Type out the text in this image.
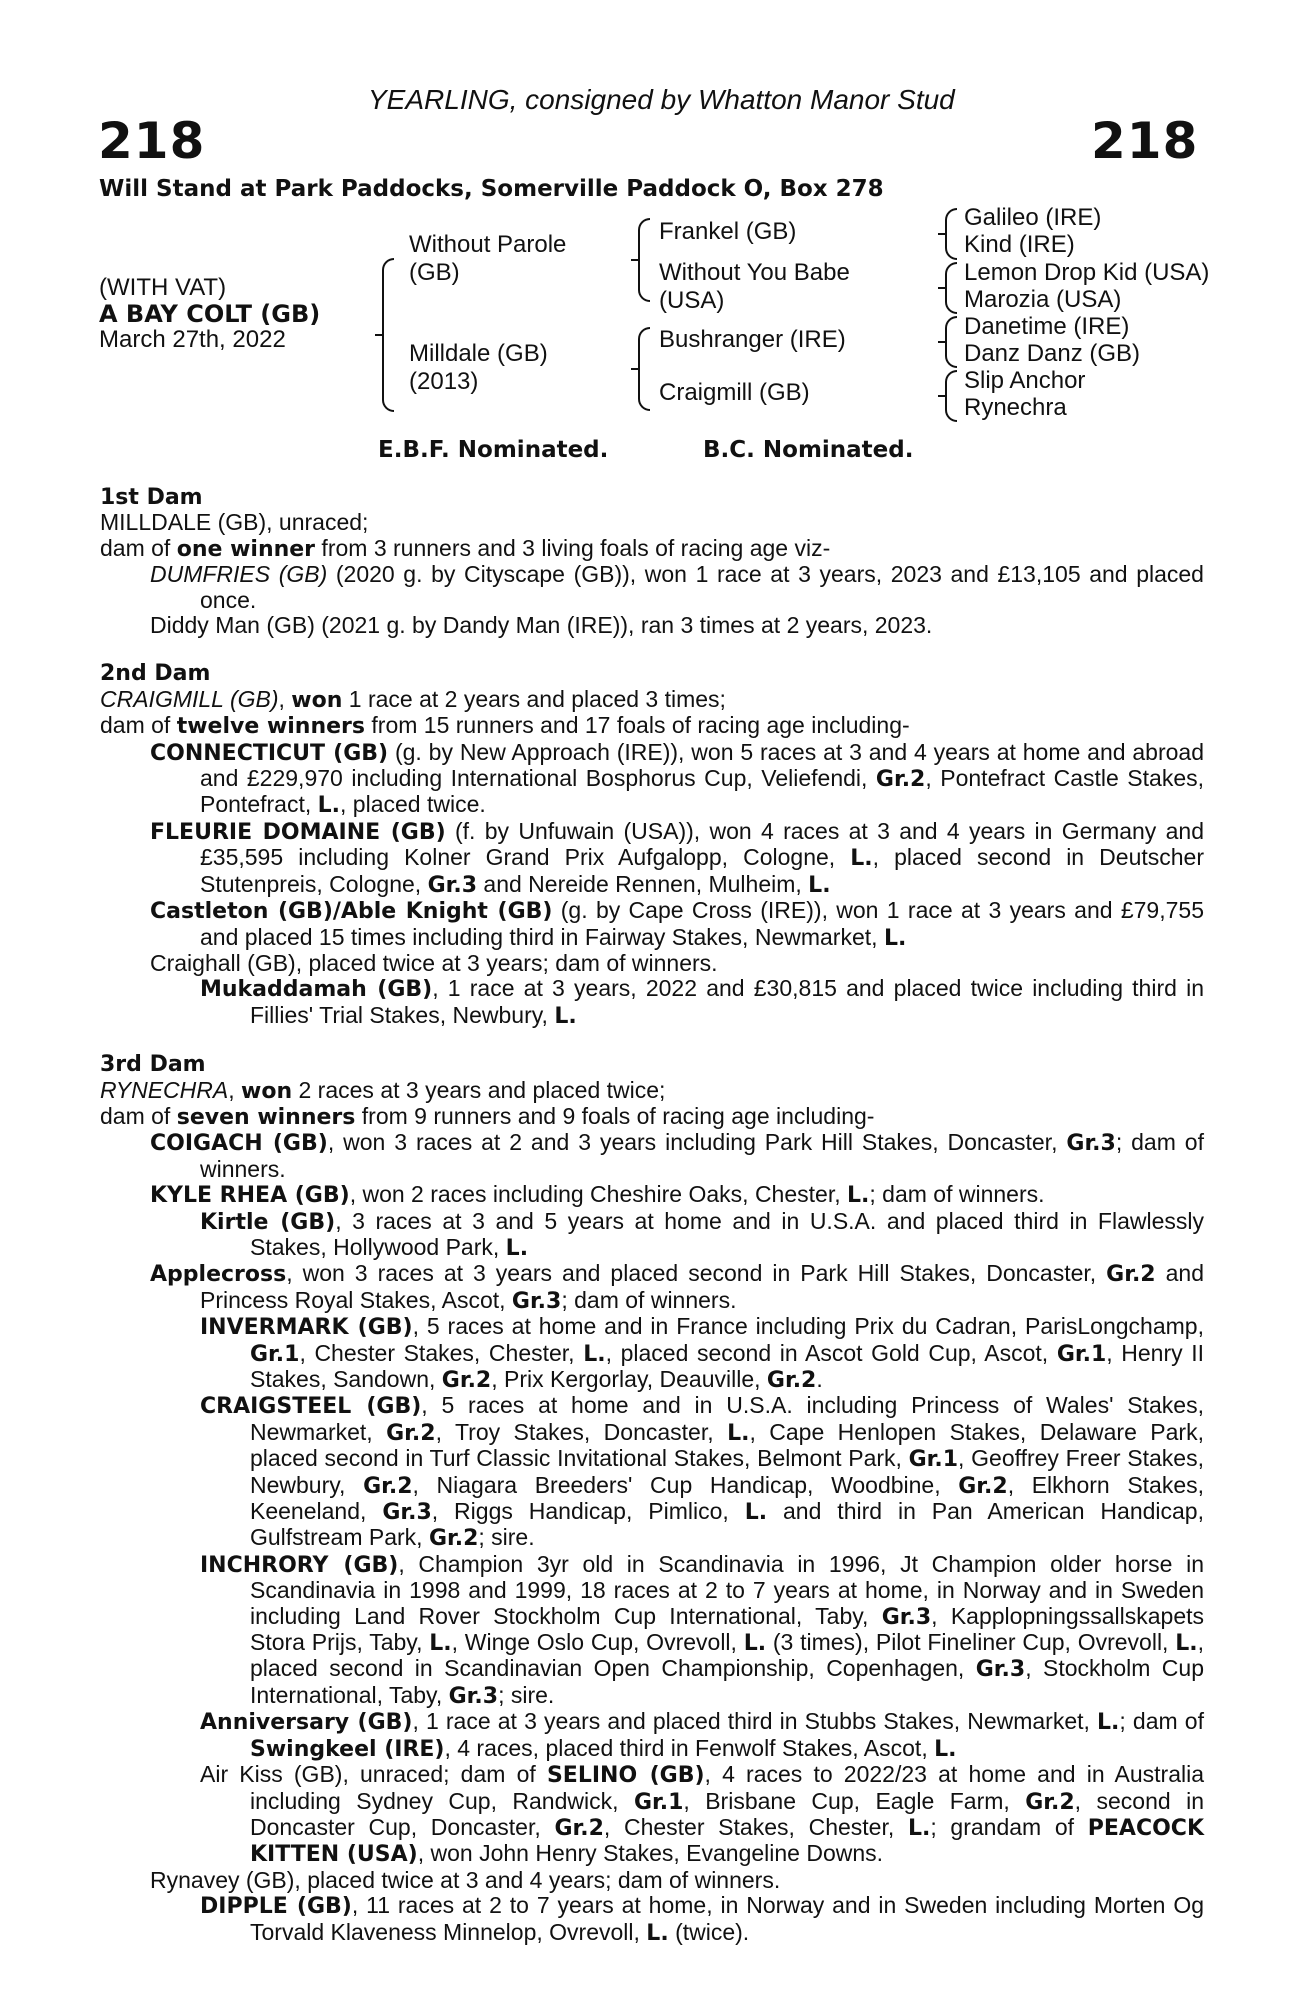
YEARLING, consigned by Whatton Manor Stud
218	218
Will Stand at Park Paddocks, Somerville Paddock O, Box 278
(WITH VAT)
A BAY COLT (GB)
March 27th, 2022
Without Parole
(GB)
Milldale (GB)
(2013)
Frankel (GB)
Without You Babe
(USA)
Bushranger (IRE)
Craigmill (GB)
Galileo (IRE)
Kind (IRE)
Lemon Drop Kid (USA)
Marozia (USA)
Danetime (IRE)
Danz Danz (GB)
Slip Anchor
Rynechra
E.B.F. Nominated.	B.C. Nominated.

1st Dam

MILLDALE (GB), unraced;

dam of one winner from 3 runners and 3 living foals of racing age viz-

DUMFRIES (GB) (2020 g. by Cityscape (GB)), won 1 race at 3 years, 2023 and £13,105 and placed once.

Diddy Man (GB) (2021 g. by Dandy Man (IRE)), ran 3 times at 2 years, 2023.

2nd Dam

CRAIGMILL (GB), won 1 race at 2 years and placed 3 times;

dam of twelve winners from 15 runners and 17 foals of racing age including-

CONNECTICUT (GB) (g. by New Approach (IRE)), won 5 races at 3 and 4 years at home and abroad and £229,970 including International Bosphorus Cup, Veliefendi, Gr.2, Pontefract Castle Stakes, Pontefract, L., placed twice.

FLEURIE DOMAINE (GB) (f. by Unfuwain (USA)), won 4 races at 3 and 4 years in Germany and £35,595 including Kolner Grand Prix Aufgalopp, Cologne, L., placed second in Deutscher Stutenpreis, Cologne, Gr.3 and Nereide Rennen, Mulheim, L.

Castleton (GB)/Able Knight (GB) (g. by Cape Cross (IRE)), won 1 race at 3 years and £79,755 and placed 15 times including third in Fairway Stakes, Newmarket, L.

Craighall (GB), placed twice at 3 years; dam of winners.

Mukaddamah (GB), 1 race at 3 years, 2022 and £30,815 and placed twice including third in Fillies' Trial Stakes, Newbury, L.

3rd Dam

RYNECHRA, won 2 races at 3 years and placed twice;

dam of seven winners from 9 runners and 9 foals of racing age including-

COIGACH (GB), won 3 races at 2 and 3 years including Park Hill Stakes, Doncaster, Gr.3; dam of winners.

KYLE RHEA (GB), won 2 races including Cheshire Oaks, Chester, L.; dam of winners.

Kirtle (GB), 3 races at 3 and 5 years at home and in U.S.A. and placed third in Flawlessly Stakes, Hollywood Park, L.

Applecross, won 3 races at 3 years and placed second in Park Hill Stakes, Doncaster, Gr.2 and Princess Royal Stakes, Ascot, Gr.3; dam of winners.

INVERMARK (GB), 5 races at home and in France including Prix du Cadran, ParisLongchamp, Gr.1, Chester Stakes, Chester, L., placed second in Ascot Gold Cup, Ascot, Gr.1, Henry II Stakes, Sandown, Gr.2, Prix Kergorlay, Deauville, Gr.2.

CRAIGSTEEL (GB), 5 races at home and in U.S.A. including Princess of Wales' Stakes, Newmarket, Gr.2, Troy Stakes, Doncaster, L., Cape Henlopen Stakes, Delaware Park, placed second in Turf Classic Invitational Stakes, Belmont Park, Gr.1, Geoffrey Freer Stakes, Newbury, Gr.2, Niagara Breeders' Cup Handicap, Woodbine, Gr.2, Elkhorn Stakes, Keeneland, Gr.3, Riggs Handicap, Pimlico, L. and third in Pan American Handicap, Gulfstream Park, Gr.2; sire.

INCHRORY (GB), Champion 3yr old in Scandinavia in 1996, Jt Champion older horse in Scandinavia in 1998 and 1999, 18 races at 2 to 7 years at home, in Norway and in Sweden including Land Rover Stockholm Cup International, Taby, Gr.3, Kapplopningssallskapets Stora Prijs, Taby, L., Winge Oslo Cup, Ovrevoll, L. (3 times), Pilot Fineliner Cup, Ovrevoll, L., placed second in Scandinavian Open Championship, Copenhagen, Gr.3, Stockholm Cup International, Taby, Gr.3; sire.

Anniversary (GB), 1 race at 3 years and placed third in Stubbs Stakes, Newmarket, L.; dam of Swingkeel (IRE), 4 races, placed third in Fenwolf Stakes, Ascot, L.

Air Kiss (GB), unraced; dam of SELINO (GB), 4 races to 2022/23 at home and in Australia including Sydney Cup, Randwick, Gr.1, Brisbane Cup, Eagle Farm, Gr.2, second in Doncaster Cup, Doncaster, Gr.2, Chester Stakes, Chester, L.; grandam of PEACOCK KITTEN (USA), won John Henry Stakes, Evangeline Downs.

Rynavey (GB), placed twice at 3 and 4 years; dam of winners.

DIPPLE (GB), 11 races at 2 to 7 years at home, in Norway and in Sweden including Morten Og Torvald Klaveness Minnelop, Ovrevoll, L. (twice).
